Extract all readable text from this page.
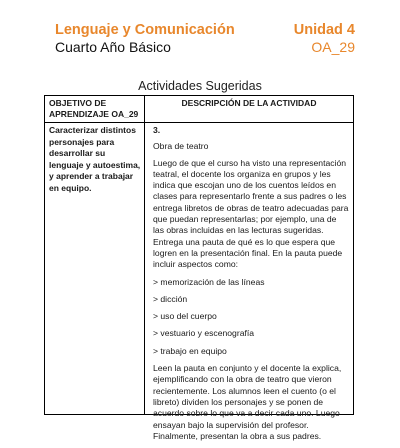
Lenguaje y Comunicación
Cuarto Año Básico
Unidad 4
OA_29
Actividades Sugeridas
OBJETIVO DE APRENDIZAJE OA_29
DESCRIPCIÓN DE LA ACTIVIDAD
Caracterizar distintos personajes para desarrollar su lenguaje y autoestima, y aprender a trabajar en equipo.
3.
Obra de teatro

Luego de que el curso ha visto una representación teatral, el docente los organiza en grupos y les indica que escojan uno de los cuentos leídos en clases para representarlo frente a sus padres o les entrega libretos de obras de teatro adecuadas para que puedan representarlas; por ejemplo, una de las obras incluidas en las lecturas sugeridas. Entrega una pauta de qué es lo que espera que logren en la presentación final. En la pauta puede incluir aspectos como:

> memorización de las líneas

> dicción

> uso del cuerpo

> vestuario y escenografía

> trabajo en equipo

Leen la pauta en conjunto y el docente la explica, ejemplificando con la obra de teatro que vieron recientemente. Los alumnos leen el cuento (o el libreto) dividen los personajes y se ponen de acuerdo sobre lo que va a decir cada uno. Luego ensayan bajo la supervisión del profesor. Finalmente, presentan la obra a sus padres.
